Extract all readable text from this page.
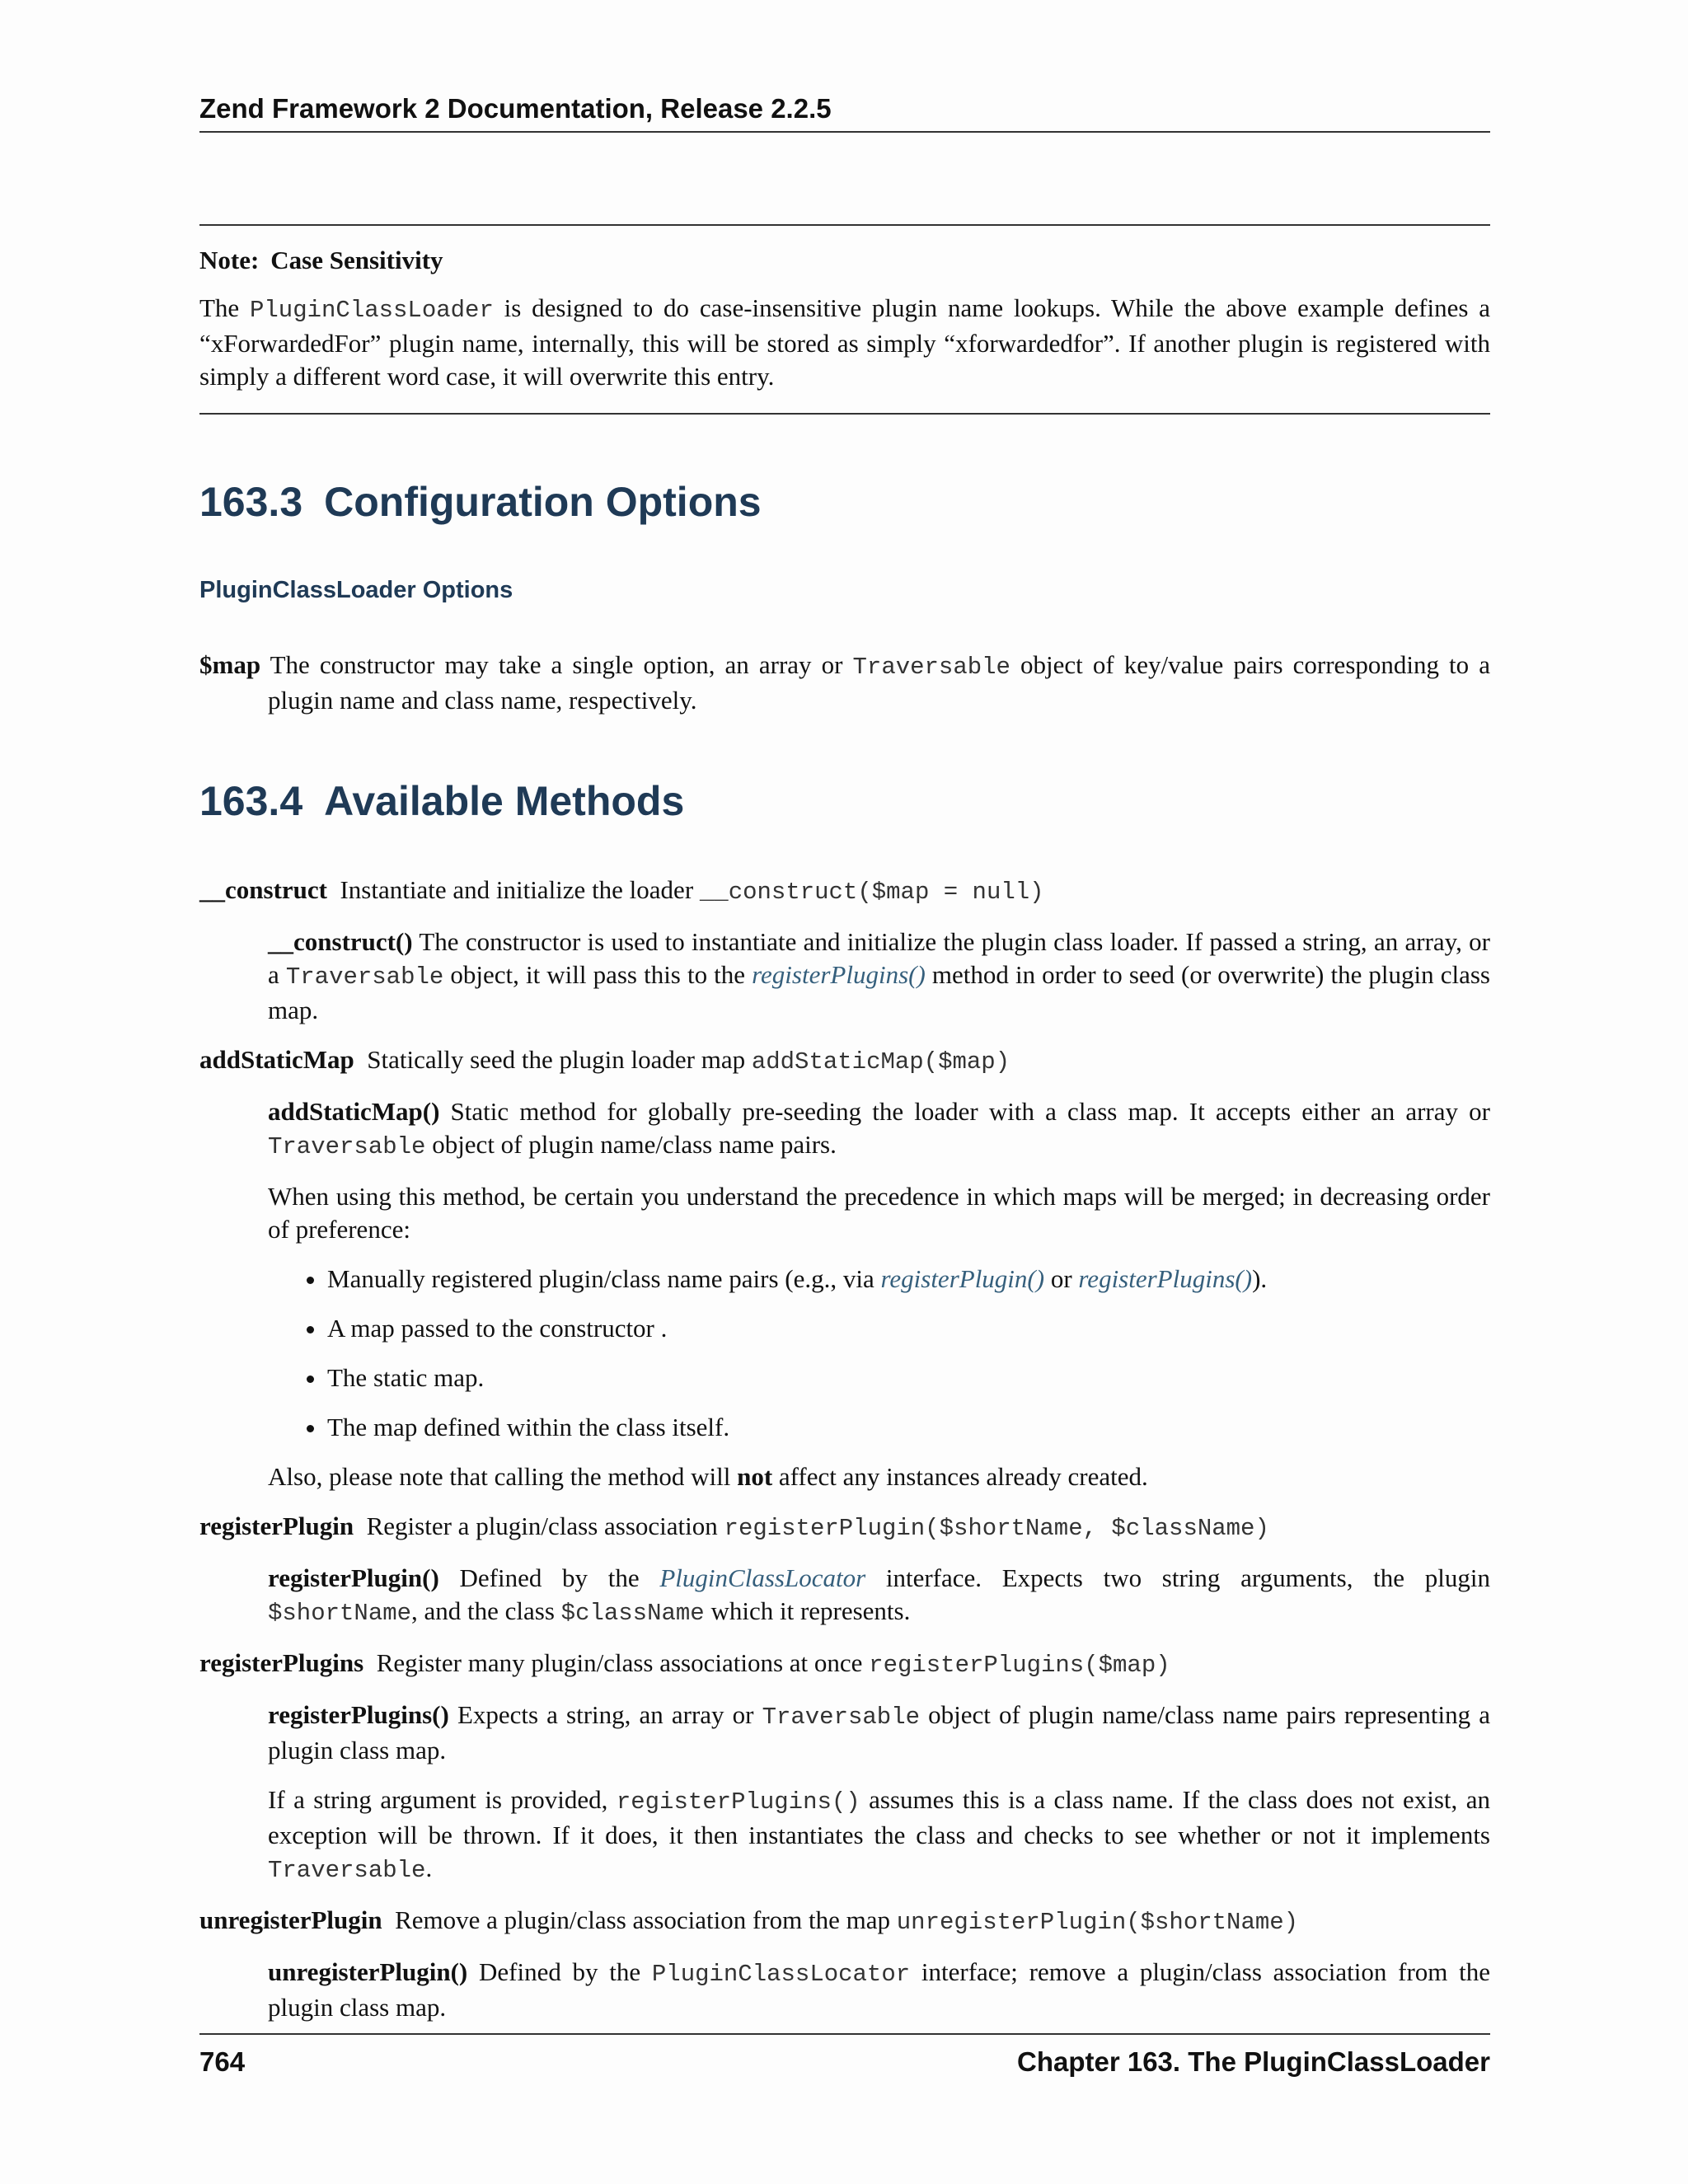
Zend Framework 2 Documentation, Release 2.2.5
Note: Case Sensitivity

The PluginClassLoader is designed to do case-insensitive plugin name lookups. While the above example defines a “xForwardedFor” plugin name, internally, this will be stored as simply “xforwardedfor”. If another plugin is registered with simply a different word case, it will overwrite this entry.

163.3 Configuration Options
PluginClassLoader Options

$map The constructor may take a single option, an array or Traversable object of key/value pairs corresponding to a plugin name and class name, respectively.

163.4 Available Methods

__construct Instantiate and initialize the loader __construct($map = null)

__construct() The constructor is used to instantiate and initialize the plugin class loader. If passed a string, an array, or a Traversable object, it will pass this to the registerPlugins() method in order to seed (or overwrite) the plugin class map.

addStaticMap Statically seed the plugin loader map addStaticMap($map)

addStaticMap() Static method for globally pre-seeding the loader with a class map. It accepts either an array or Traversable object of plugin name/class name pairs.

When using this method, be certain you understand the precedence in which maps will be merged; in decreasing order of preference:

• Manually registered plugin/class name pairs (e.g., via registerPlugin() or registerPlugins()).
• A map passed to the constructor .
• The static map.
• The map defined within the class itself.

Also, please note that calling the method will not affect any instances already created.

registerPlugin Register a plugin/class association registerPlugin($shortName, $className)

registerPlugin() Defined by the PluginClassLocator interface. Expects two string arguments, the plugin $shortName, and the class $className which it represents.

registerPlugins Register many plugin/class associations at once registerPlugins($map)

registerPlugins() Expects a string, an array or Traversable object of plugin name/class name pairs representing a plugin class map.

If a string argument is provided, registerPlugins() assumes this is a class name. If the class does not exist, an exception will be thrown. If it does, it then instantiates the class and checks to see whether or not it implements Traversable.

unregisterPlugin Remove a plugin/class association from the map unregisterPlugin($shortName)

unregisterPlugin() Defined by the PluginClassLocator interface; remove a plugin/class association from the plugin class map.

764	Chapter 163. The PluginClassLoader
